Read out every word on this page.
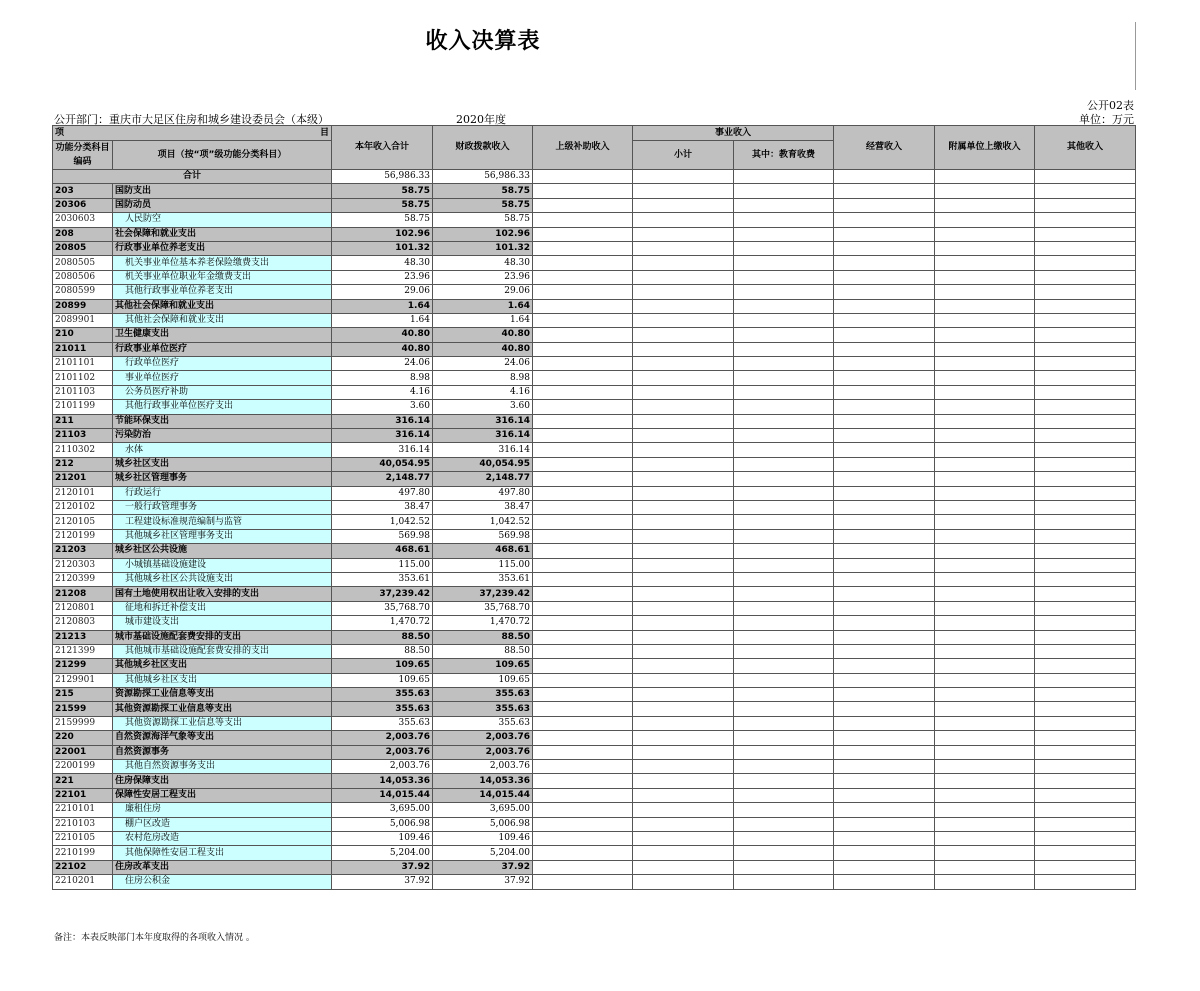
收入决算表
公开02表
公开部门：重庆市大足区住房和城乡建设委员会（本级）	2020年度	单位：万元
项 目		本年收入合计	财政拨款收入	上级补助收入	事业收入		经营收入	附属单位上缴收入	其他收入
功能分类科目编码	项目（按“项”级功能分类科目）								
					小计	其中：教育收费			
合计		56,986.33	56,986.33						
203	国防支出	58.75	58.75						
20306	国防动员	58.75	58.75						
2030603	人民防空	58.75	58.75						
208	社会保障和就业支出	102.96	102.96						
20805	行政事业单位养老支出	101.32	101.32						
2080505	机关事业单位基本养老保险缴费支出	48.30	48.30						
2080506	机关事业单位职业年金缴费支出	23.96	23.96						
2080599	其他行政事业单位养老支出	29.06	29.06						
20899	其他社会保障和就业支出	1.64	1.64						
2089901	其他社会保障和就业支出	1.64	1.64						
210	卫生健康支出	40.80	40.80						
21011	行政事业单位医疗	40.80	40.80						
2101101	行政单位医疗	24.06	24.06						
2101102	事业单位医疗	8.98	8.98						
2101103	公务员医疗补助	4.16	4.16						
2101199	其他行政事业单位医疗支出	3.60	3.60						
211	节能环保支出	316.14	316.14						
21103	污染防治	316.14	316.14						
2110302	水体	316.14	316.14						
212	城乡社区支出	40,054.95	40,054.95						
21201	城乡社区管理事务	2,148.77	2,148.77						
2120101	行政运行	497.80	497.80						
2120102	一般行政管理事务	38.47	38.47						
2120105	工程建设标准规范编制与监管	1,042.52	1,042.52						
2120199	其他城乡社区管理事务支出	569.98	569.98						
21203	城乡社区公共设施	468.61	468.61						
2120303	小城镇基础设施建设	115.00	115.00						
2120399	其他城乡社区公共设施支出	353.61	353.61						
21208	国有土地使用权出让收入安排的支出	37,239.42	37,239.42						
2120801	征地和拆迁补偿支出	35,768.70	35,768.70						
2120803	城市建设支出	1,470.72	1,470.72						
21213	城市基础设施配套费安排的支出	88.50	88.50						
2121399	其他城市基础设施配套费安排的支出	88.50	88.50						
21299	其他城乡社区支出	109.65	109.65						
2129901	其他城乡社区支出	109.65	109.65						
215	资源勘探工业信息等支出	355.63	355.63						
21599	其他资源勘探工业信息等支出	355.63	355.63						
2159999	其他资源勘探工业信息等支出	355.63	355.63						
220	自然资源海洋气象等支出	2,003.76	2,003.76						
22001	自然资源事务	2,003.76	2,003.76						
2200199	其他自然资源事务支出	2,003.76	2,003.76						
221	住房保障支出	14,053.36	14,053.36						
22101	保障性安居工程支出	14,015.44	14,015.44						
2210101	廉租住房	3,695.00	3,695.00						
2210103	棚户区改造	5,006.98	5,006.98						
2210105	农村危房改造	109.46	109.46						
2210199	其他保障性安居工程支出	5,204.00	5,204.00						
22102	住房改革支出	37.92	37.92						
2210201	住房公积金	37.92	37.92						
备注：本表反映部门本年度取得的各项收入情况 。
